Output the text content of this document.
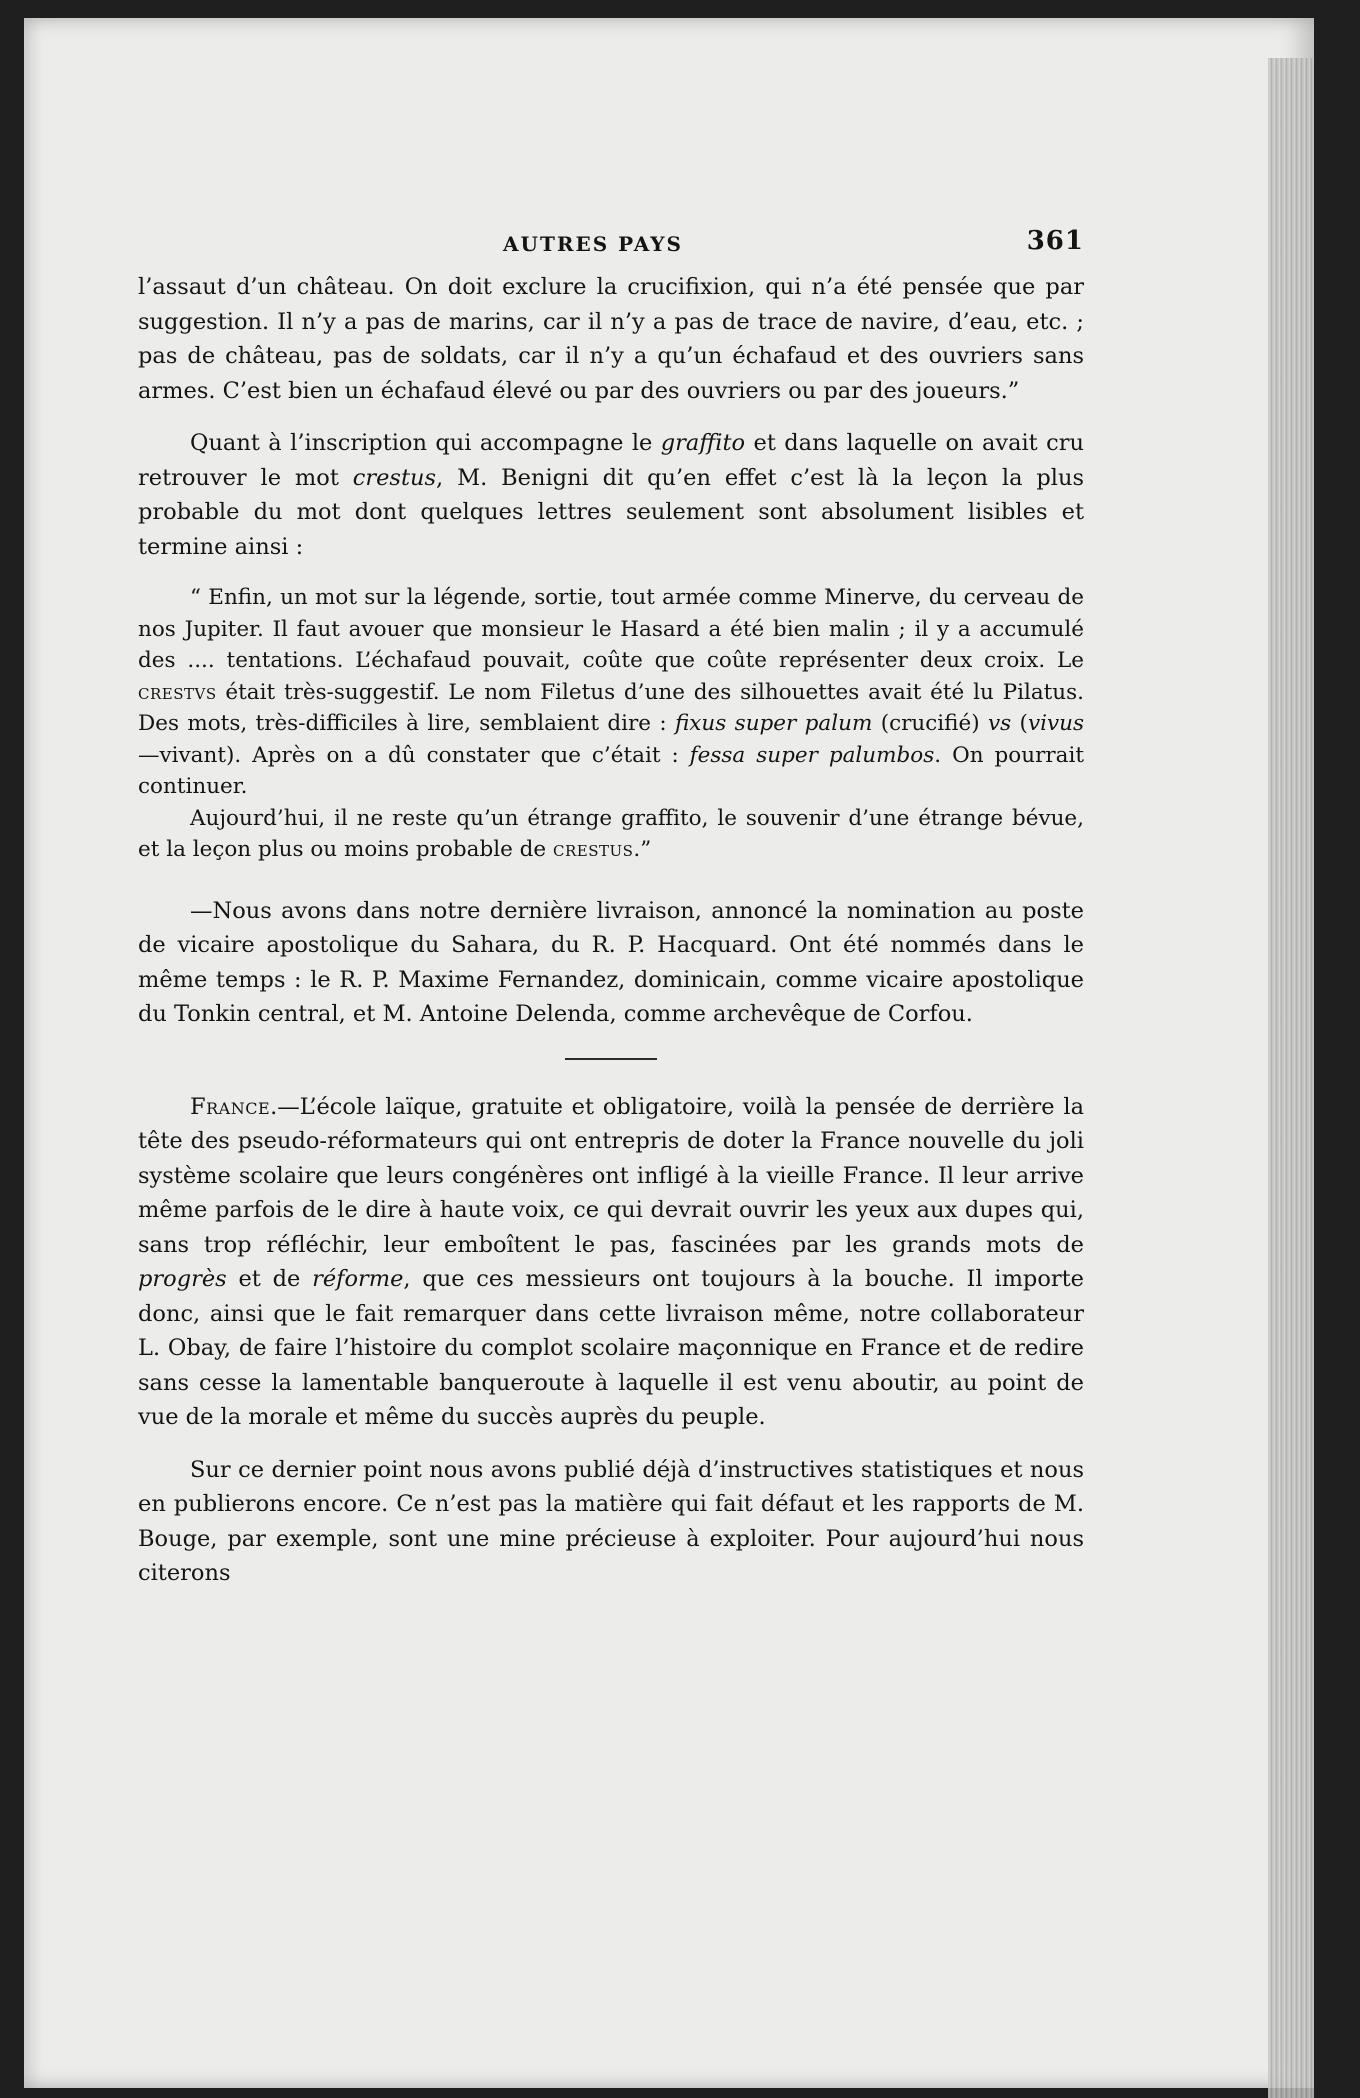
AUTRES PAYS	361

l’assaut d’un château. On doit exclure la crucifixion, qui n’a été pensée que par suggestion. Il n’y a pas de marins, car il n’y a pas de trace de navire, d’eau, etc. ; pas de château, pas de soldats, car il n’y a qu’un échafaud et des ouvriers sans armes. C’est bien un échafaud élevé ou par des ouvriers ou par des joueurs.”

Quant à l’inscription qui accompagne le graffito et dans laquelle on avait cru retrouver le mot crestus, M. Benigni dit qu’en effet c’est là la leçon la plus probable du mot dont quelques lettres seulement sont absolument lisibles et termine ainsi :

“ Enfin, un mot sur la légende, sortie, tout armée comme Minerve, du cerveau de nos Jupiter. Il faut avouer que monsieur le Hasard a été bien malin ; il y a accumulé des .... tentations. L’échafaud pouvait, coûte que coûte représenter deux croix. Le crestvs était très-suggestif. Le nom Filetus d’une des silhouettes avait été lu Pilatus. Des mots, très-difficiles à lire, semblaient dire : fixus super palum (crucifié) vs (vivus—vivant). Après on a dû constater que c’était : fessa super palumbos. On pourrait continuer.

Aujourd’hui, il ne reste qu’un étrange graffito, le souvenir d’une étrange bévue, et la leçon plus ou moins probable de crestus.”

—Nous avons dans notre dernière livraison, annoncé la nomination au poste de vicaire apostolique du Sahara, du R. P. Hacquard. Ont été nommés dans le même temps : le R. P. Maxime Fernandez, dominicain, comme vicaire apostolique du Tonkin central, et M. Antoine Delenda, comme archevêque de Corfou.

France.—L’école laïque, gratuite et obligatoire, voilà la pensée de derrière la tête des pseudo-réformateurs qui ont entrepris de doter la France nouvelle du joli système scolaire que leurs congénères ont infligé à la vieille France. Il leur arrive même parfois de le dire à haute voix, ce qui devrait ouvrir les yeux aux dupes qui, sans trop réfléchir, leur emboîtent le pas, fascinées par les grands mots de progrès et de réforme, que ces messieurs ont toujours à la bouche. Il importe donc, ainsi que le fait remarquer dans cette livraison même, notre collaborateur L. Obay, de faire l’histoire du complot scolaire maçonnique en France et de redire sans cesse la lamentable banqueroute à laquelle il est venu aboutir, au point de vue de la morale et même du succès auprès du peuple.

Sur ce dernier point nous avons publié déjà d’instructives statistiques et nous en publierons encore. Ce n’est pas la matière qui fait défaut et les rapports de M. Bouge, par exemple, sont une mine précieuse à exploiter. Pour aujourd’hui nous citerons
